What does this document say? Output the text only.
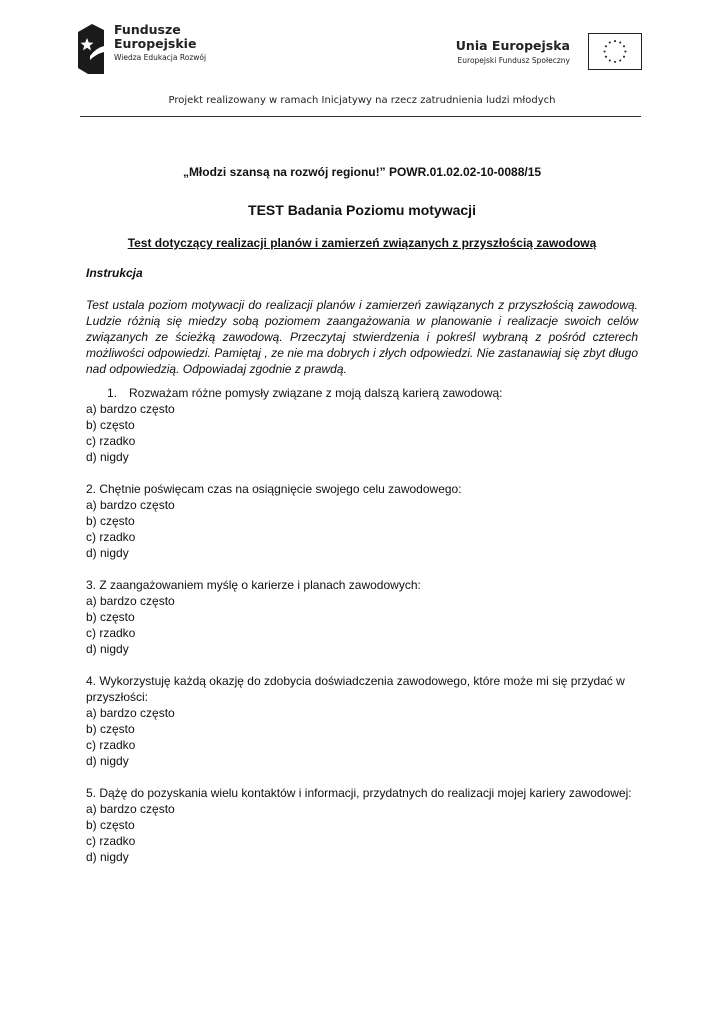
Fundusze
Europejskie
Wiedza Edukacja Rozwój
Unia Europejska
Europejski Fundusz Społeczny
Projekt realizowany w ramach Inicjatywy na rzecz zatrudnienia ludzi młodych
„Młodzi szansą na rozwój regionu!” POWR.01.02.02-10-0088/15
TEST Badania Poziomu motywacji
Test dotyczący realizacji planów i zamierzeń związanych z przyszłością zawodową
Instrukcja
Test ustala poziom motywacji do realizacji planów i zamierzeń zawiązanych z przyszłością zawodową. Ludzie różnią się miedzy sobą poziomem zaangażowania w planowanie i realizacje swoich celów związanych ze ścieżką zawodową. Przeczytaj stwierdzenia i pokreśl wybraną z pośród czterech możliwości odpowiedzi. Pamiętaj , ze nie ma dobrych i złych odpowiedzi. Nie zastanawiaj się zbyt długo nad odpowiedzią. Odpowiadaj zgodnie z prawdą.
1. Rozważam różne pomysły związane z moją dalszą karierą zawodową:
a) bardzo często
b) często
c) rzadko
d) nigdy
2. Chętnie poświęcam czas na osiągnięcie swojego celu zawodowego:
a) bardzo często
b) często
c) rzadko
d) nigdy
3. Z zaangażowaniem myślę o karierze i planach zawodowych:
a) bardzo często
b) często
c) rzadko
d) nigdy
4. Wykorzystuję każdą okazję do zdobycia doświadczenia zawodowego, które może mi się przydać w przyszłości:
a) bardzo często
b) często
c) rzadko
d) nigdy
5. Dążę do pozyskania wielu kontaktów i informacji, przydatnych do realizacji mojej kariery zawodowej:
a) bardzo często
b) często
c) rzadko
d) nigdy
